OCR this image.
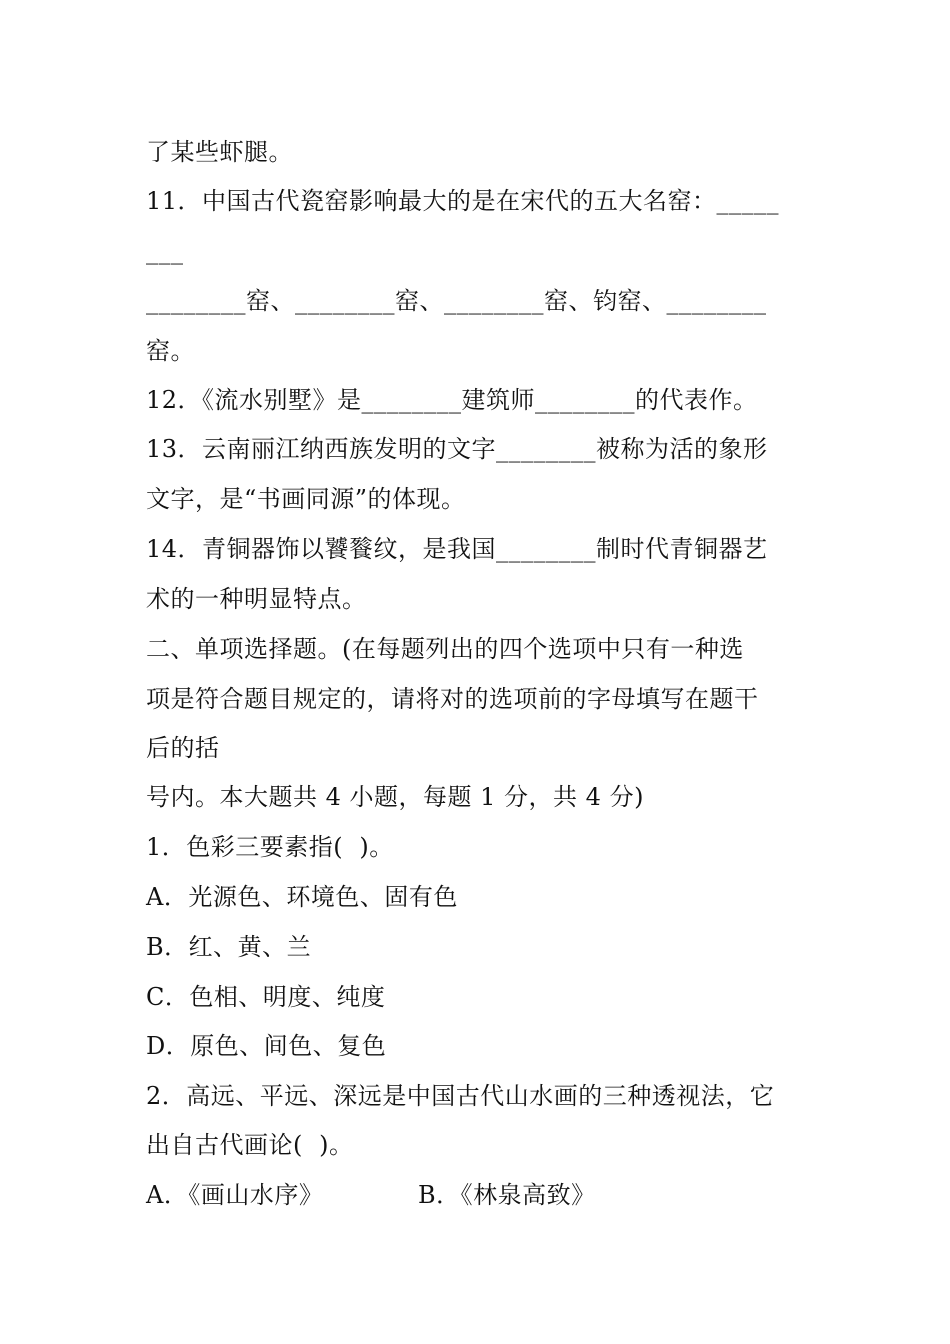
了某些虾腿。
11．中国古代瓷窑影响最大的是在宋代的五大名窑：_____
___
________窑、________窑、________窑、钧窑、________
窑。
12．《流水别墅》是________建筑师________的代表作。
13．云南丽江纳西族发明的文字________被称为活的象形
文字，是“书画同源”的体现。
14．青铜器饰以饕餮纹，是我国________制时代青铜器艺
术的一种明显特点。
二、单项选择题。(在每题列出的四个选项中只有一种选
项是符合题目规定的，请将对的选项前的字母填写在题干
后的括
号内。本大题共 4 小题，每题 1 分，共 4 分)
1．色彩三要素指(  )。
A．光源色、环境色、固有色
B．红、黄、兰
C．色相、明度、纯度
D．原色、间色、复色
2．高远、平远、深远是中国古代山水画的三种透视法，它
出自古代画论(  )。
A．《画山水序》	B．《林泉高致》
